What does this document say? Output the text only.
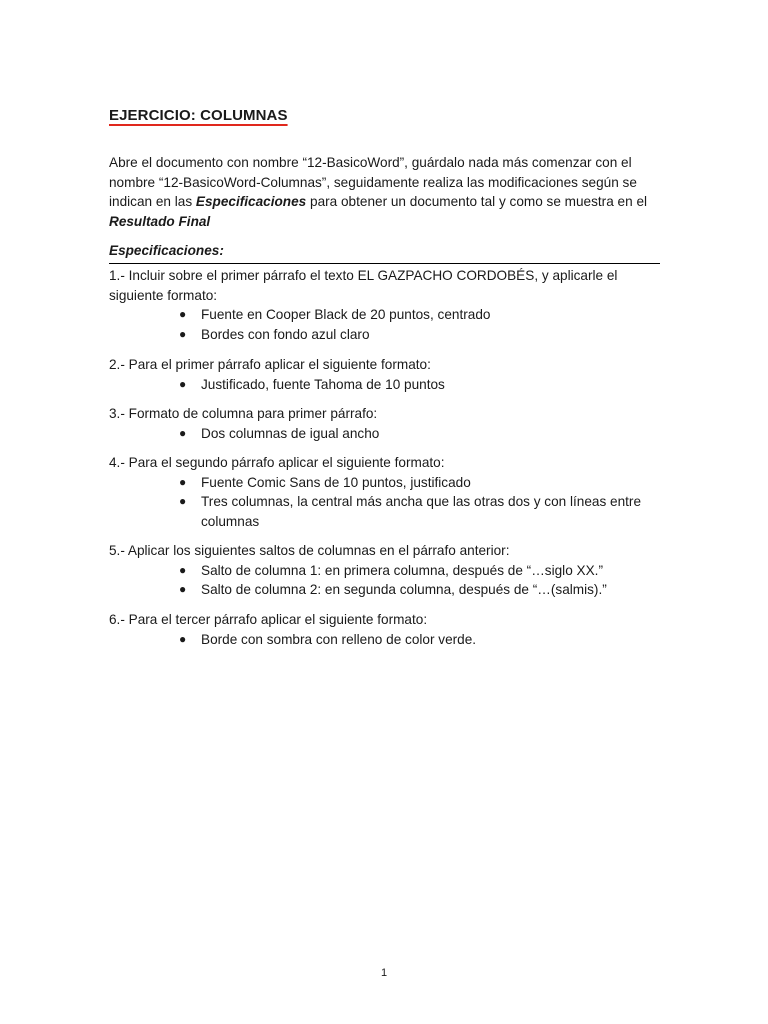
EJERCICIO: COLUMNAS

Abre el documento con nombre “12-BasicoWord”, guárdalo nada más comenzar con el nombre “12-BasicoWord-Columnas”, seguidamente realiza las modificaciones según se indican en las Especificaciones para obtener un documento tal y como se muestra en el Resultado Final

Especificaciones:

1.- Incluir sobre el primer párrafo el texto EL GAZPACHO CORDOBÉS, y aplicarle el siguiente formato:

● Fuente en Cooper Black de 20 puntos, centrado
● Bordes con fondo azul claro

2.- Para el primer párrafo aplicar el siguiente formato:

● Justificado, fuente Tahoma de 10 puntos

3.- Formato de columna para primer párrafo:

● Dos columnas de igual ancho

4.- Para el segundo párrafo aplicar el siguiente formato:

● Fuente Comic Sans de 10 puntos, justificado
● Tres columnas, la central más ancha que las otras dos y con líneas entre columnas

5.- Aplicar los siguientes saltos de columnas en el párrafo anterior:

● Salto de columna 1: en primera columna, después de “…siglo XX.”
● Salto de columna 2: en segunda columna, después de “…(salmis).”

6.- Para el tercer párrafo aplicar el siguiente formato:

● Borde con sombra con relleno de color verde.
1
